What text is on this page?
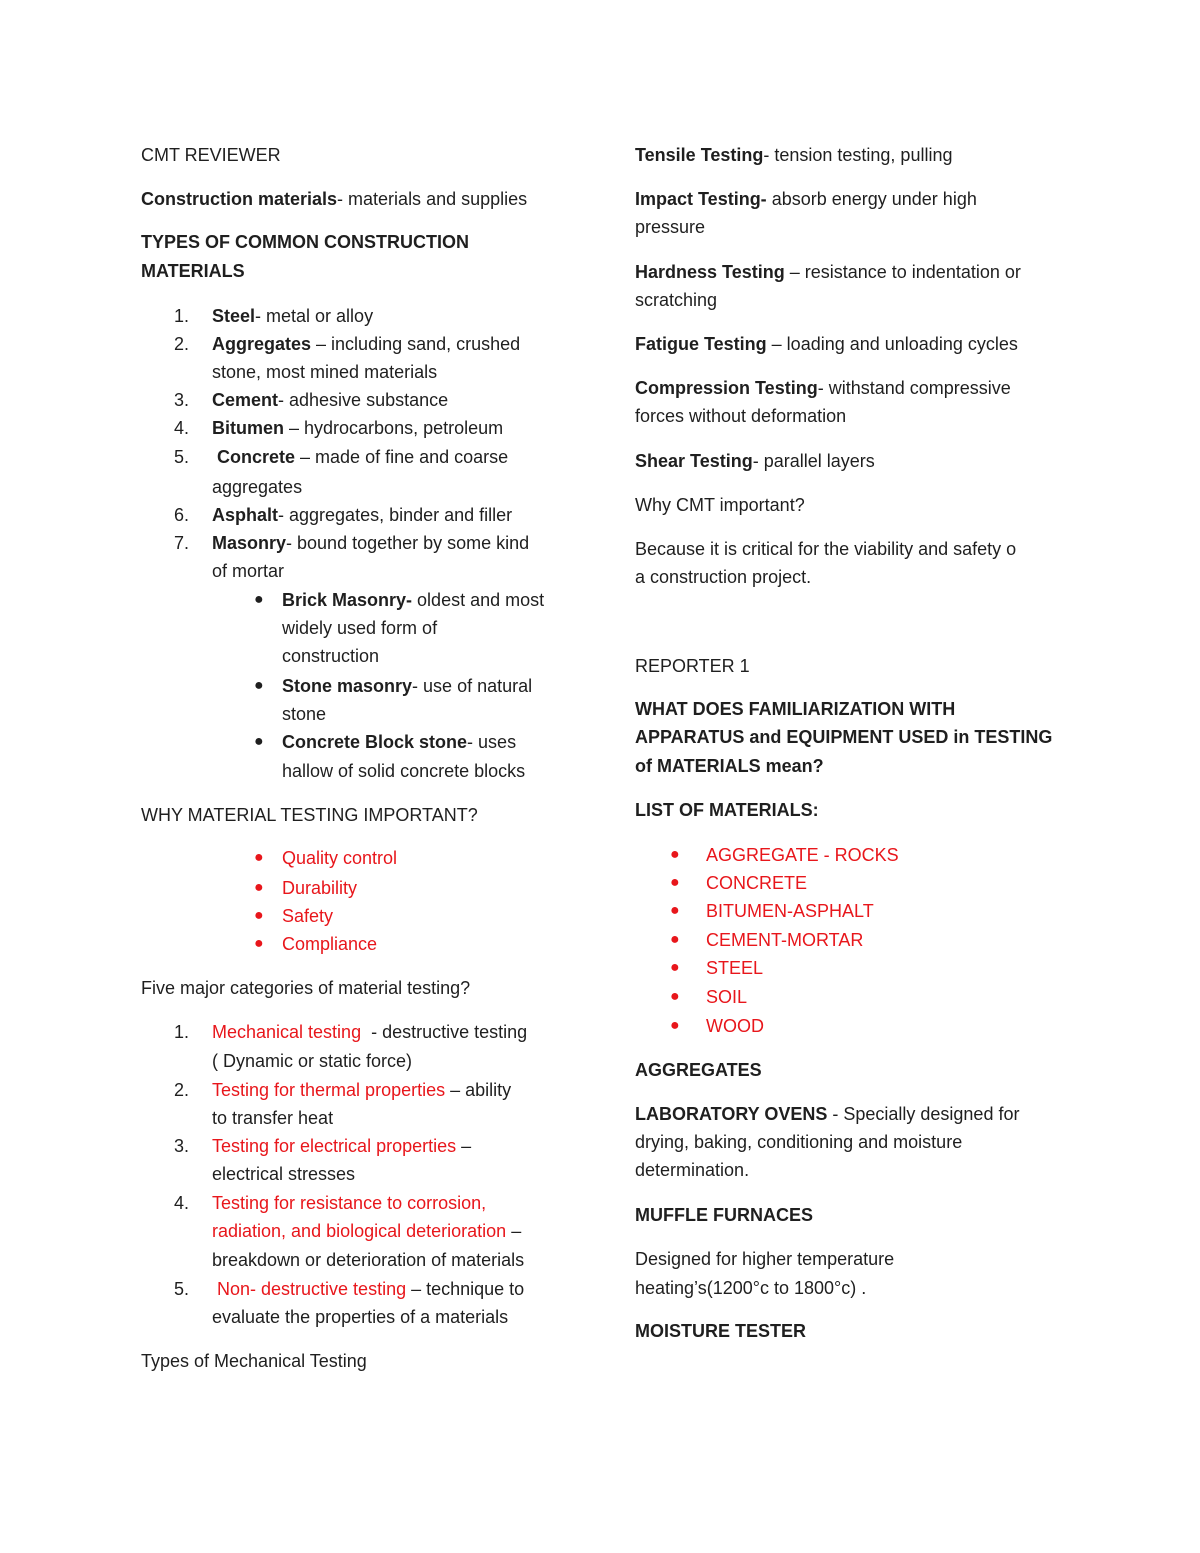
CMT REVIEWER
Construction materials- materials and supplies
TYPES OF COMMON CONSTRUCTION
MATERIALS
1. Steel- metal or alloy
2. Aggregates – including sand, crushed
stone, most mined materials
3. Cement- adhesive substance
4. Bitumen – hydrocarbons, petroleum
5. Concrete – made of fine and coarse
aggregates
6. Asphalt- aggregates, binder and filler
7. Masonry- bound together by some kind
of mortar
● Brick Masonry- oldest and most
widely used form of
construction
● Stone masonry- use of natural
stone
● Concrete Block stone- uses
hallow of solid concrete blocks
WHY MATERIAL TESTING IMPORTANT?
● Quality control
● Durability
● Safety
● Compliance
Five major categories of material testing?
1. Mechanical testing  - destructive testing
( Dynamic or static force)
2. Testing for thermal properties – ability
to transfer heat
3. Testing for electrical properties –
electrical stresses
4. Testing for resistance to corrosion,
radiation, and biological deterioration –
breakdown or deterioration of materials
5. Non- destructive testing – technique to
evaluate the properties of a materials
Types of Mechanical Testing
Tensile Testing- tension testing, pulling
Impact Testing- absorb energy under high
pressure
Hardness Testing – resistance to indentation or
scratching
Fatigue Testing – loading and unloading cycles
Compression Testing- withstand compressive
forces without deformation
Shear Testing- parallel layers
Why CMT important?
Because it is critical for the viability and safety o
a construction project.
REPORTER 1
WHAT DOES FAMILIARIZATION WITH
APPARATUS and EQUIPMENT USED in TESTING
of MATERIALS mean?
LIST OF MATERIALS:
● AGGREGATE - ROCKS
● CONCRETE
● BITUMEN-ASPHALT
● CEMENT-MORTAR
● STEEL
● SOIL
● WOOD
AGGREGATES
LABORATORY OVENS - Specially designed for
drying, baking, conditioning and moisture
determination.
MUFFLE FURNACES
Designed for higher temperature
heating’s(1200°c to 1800°c) .
MOISTURE TESTER
